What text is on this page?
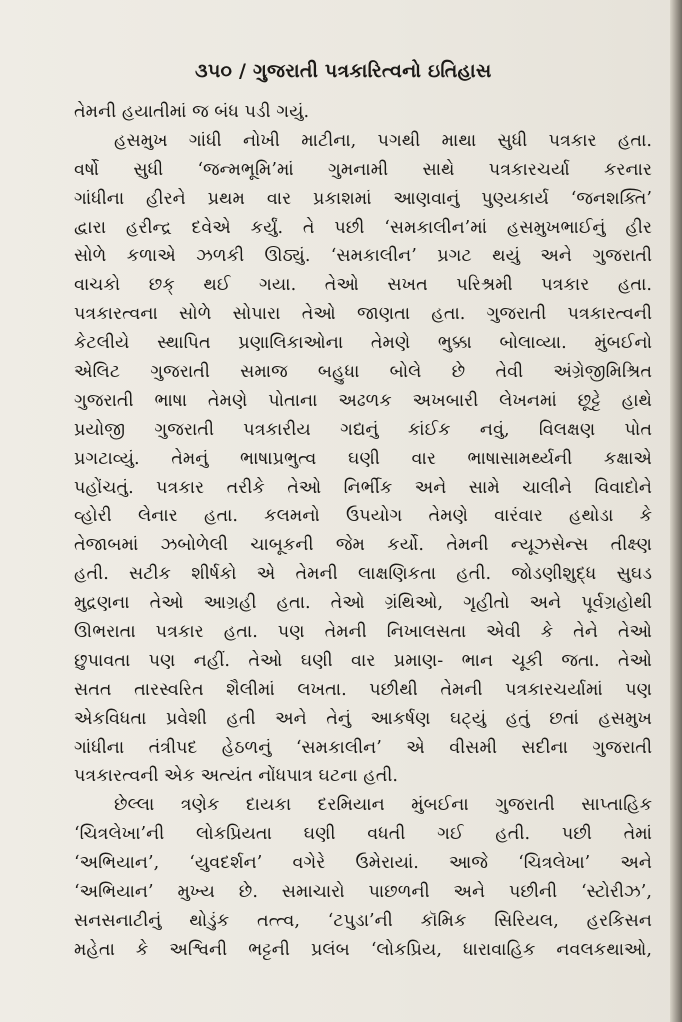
૩૫૦ / ગુજરાતી પત્રકારિત્વનો ઇતિહાસ
તેમની હયાતીમાં જ બંધ પડી ગયું.
હસમુખ ગાંધી નોખી માટીના, પગથી માથા સુધી પત્રકાર હતા.
વર્ષો સુધી ‘જન્મભૂમિ’માં ગુમનામી સાથે પત્રકારચર્યા કરનાર
ગાંધીના હીરને પ્રથમ વાર પ્રકાશમાં આણવાનું પુણ્યકાર્ય ‘જનશક્તિ’
દ્વારા હરીન્દ્ર દવેએ કર્યું. તે પછી ‘સમકાલીન’માં હસમુખભાઈનું હીર
સોળે કળાએ ઝળકી ઊઠ્યું. ‘સમકાલીન’ પ્રગટ થયું અને ગુજરાતી
વાચકો છક્ થઈ ગયા. તેઓ સખત પરિશ્રમી પત્રકાર હતા.
પત્રકારત્વના સોળે સોપારા તેઓ જાણતા હતા. ગુજરાતી પત્રકારત્વની
કેટલીયે સ્થાપિત પ્રણાલિકાઓના તેમણે ભુક્કા બોલાવ્યા. મુંબઈનો
એલિટ ગુજરાતી સમાજ બહુધા બોલે છે તેવી અંગ્રેજીમિશ્રિત
ગુજરાતી ભાષા તેમણે પોતાના અઢળક અખબારી લેખનમાં છૂટ્ટે હાથે
પ્રયોજી ગુજરાતી પત્રકારીય ગદ્યનું કાંઈક નવું, વિલક્ષણ પોત
પ્રગટાવ્યું. તેમનું ભાષાપ્રભુત્વ ઘણી વાર ભાષાસામર્થ્યની કક્ષાએ
પહોંચતું. પત્રકાર તરીકે તેઓ નિર્ભીક અને સામે ચાલીને વિવાદોને
વ્હોરી લેનાર હતા. કલમનો ઉપયોગ તેમણે વારંવાર હથોડા કે
તેજાબમાં ઝબોળેલી ચાબૂકની જેમ કર્યો. તેમની ન્યૂઝસેન્સ તીક્ષ્ણ
હતી. સટીક શીર્ષકો એ તેમની લાક્ષણિકતા હતી. જોડણીશુદ્ધ સુઘડ
મુદ્રણના તેઓ આગ્રહી હતા. તેઓ ગ્રંથિઓ, ગૃહીતો અને પૂર્વગ્રહોથી
ઊભરાતા પત્રકાર હતા. પણ તેમની નિખાલસતા એવી કે તેને તેઓ
છુપાવતા પણ નહીં. તેઓ ઘણી વાર પ્રમાણ- ભાન ચૂકી જતા. તેઓ
સતત તારસ્વરિત શૈલીમાં લખતા. પછીથી તેમની પત્રકારચર્યામાં પણ
એકવિધતા પ્રવેશી હતી અને તેનું આકર્ષણ ઘટ્યું હતું છતાં હસમુખ
ગાંધીના તંત્રીપદ હેઠળનું ‘સમકાલીન’ એ વીસમી સદીના ગુજરાતી
પત્રકારત્વની એક અત્યંત નોંધપાત્ર ઘટના હતી.
છેલ્લા ત્રણેક દાયકા દરમિયાન મુંબઈના ગુજરાતી સાપ્તાહિક
‘ચિત્રલેખા’ની લોકપ્રિયતા ઘણી વધતી ગઈ હતી. પછી તેમાં
‘અભિયાન’, ‘યુવદર્શન’ વગેરે ઉમેરાયાં. આજે ‘ચિત્રલેખા’ અને
‘અભિયાન’ મુખ્ય છે. સમાચારો પાછળની અને પછીની ‘સ્ટોરીઝ’,
સનસનાટીનું થોડુંક તત્ત્વ, ‘ટપુડા’ની કૉમિક સિરિયલ, હરકિસન
મહેતા કે અશ્વિની ભટ્ટની પ્રલંબ ‘લોકપ્રિય, ધારાવાહિક નવલકથાઓ,
